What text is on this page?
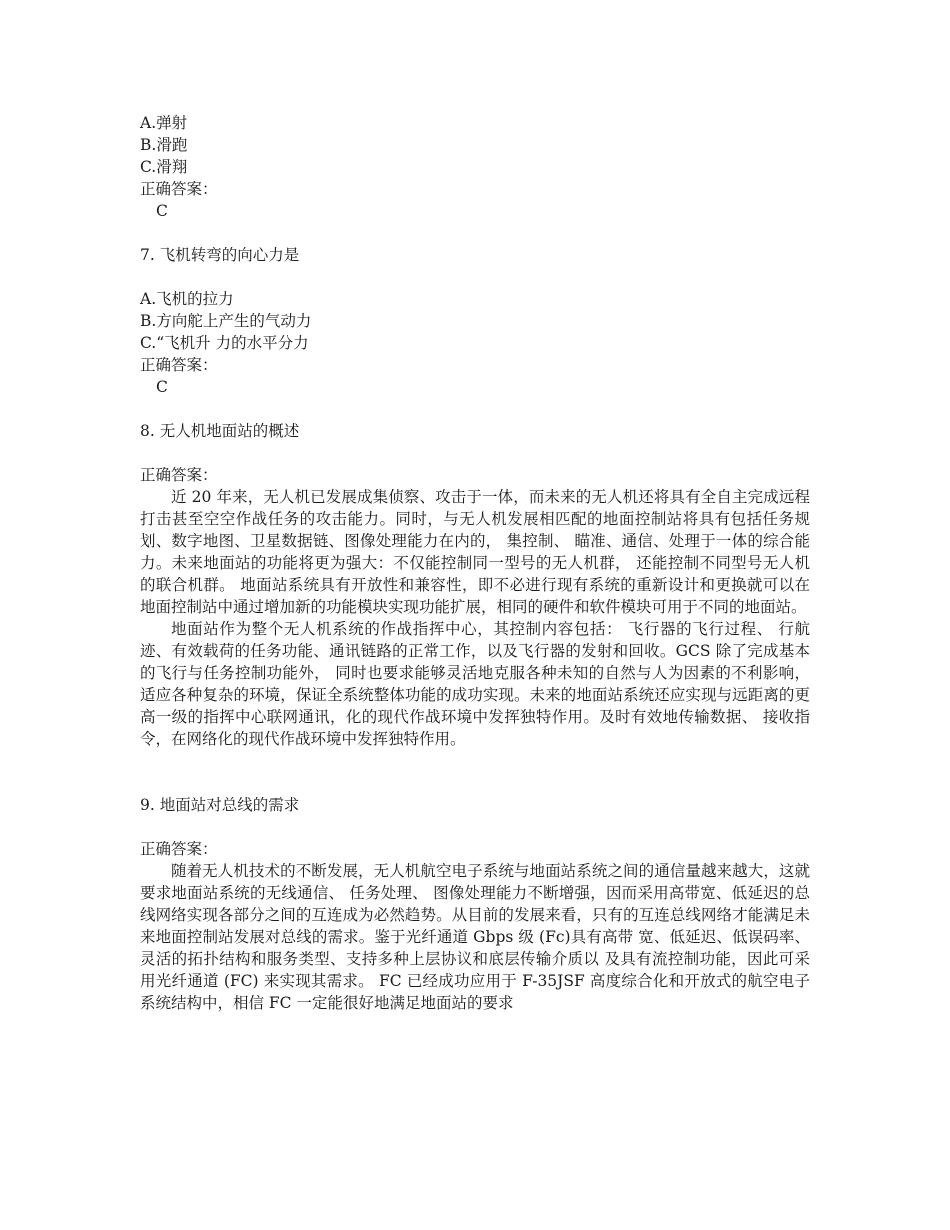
A.弹射
B.滑跑
C.滑翔
正确答案：
C
7. 飞机转弯的向心力是
A.飞机的拉力
B.方向舵上产生的气动力
C.“飞机升 力的水平分力
正确答案：
C
8. 无人机地面站的概述
正确答案：

近 20 年来，无人机已发展成集侦察、攻击于一体，而未来的无人机还将具有全自主完成远程打击甚至空空作战任务的攻击能力。同时，与无人机发展相匹配的地面控制站将具有包括任务规划、数字地图、卫星数据链、图像处理能力在内的， 集控制、 瞄准、通信、处理于一体的综合能力。未来地面站的功能将更为强大：不仅能控制同一型号的无人机群， 还能控制不同型号无人机的联合机群。 地面站系统具有开放性和兼容性，即不必进行现有系统的重新设计和更换就可以在地面控制站中通过增加新的功能模块实现功能扩展，相同的硬件和软件模块可用于不同的地面站。

地面站作为整个无人机系统的作战指挥中心，其控制内容包括： 飞行器的飞行过程、 行航迹、有效载荷的任务功能、通讯链路的正常工作，以及飞行器的发射和回收。GCS 除了完成基本的飞行与任务控制功能外， 同时也要求能够灵活地克服各种未知的自然与人为因素的不利影响， 适应各种复杂的环境，保证全系统整体功能的成功实现。未来的地面站系统还应实现与远距离的更高一级的指挥中心联网通讯，化的现代作战环境中发挥独特作用。及时有效地传输数据、 接收指令，在网络化的现代作战环境中发挥独特作用。

9. 地面站对总线的需求
正确答案：

随着无人机技术的不断发展，无人机航空电子系统与地面站系统之间的通信量越来越大，这就要求地面站系统的无线通信、 任务处理、 图像处理能力不断增强，因而采用高带宽、低延迟的总线网络实现各部分之间的互连成为必然趋势。从目前的发展来看，只有的互连总线网络才能满足未来地面控制站发展对总线的需求。鉴于光纤通道 Gbps 级 (Fc)具有高带 宽、低延迟、低误码率、灵活的拓扑结构和服务类型、支持多种上层协议和底层传输介质以 及具有流控制功能，因此可采用光纤通道 (FC) 来实现其需求。 FC 已经成功应用于 F-35JSF 高度综合化和开放式的航空电子系统结构中，相信 FC 一定能很好地满足地面站的要求
